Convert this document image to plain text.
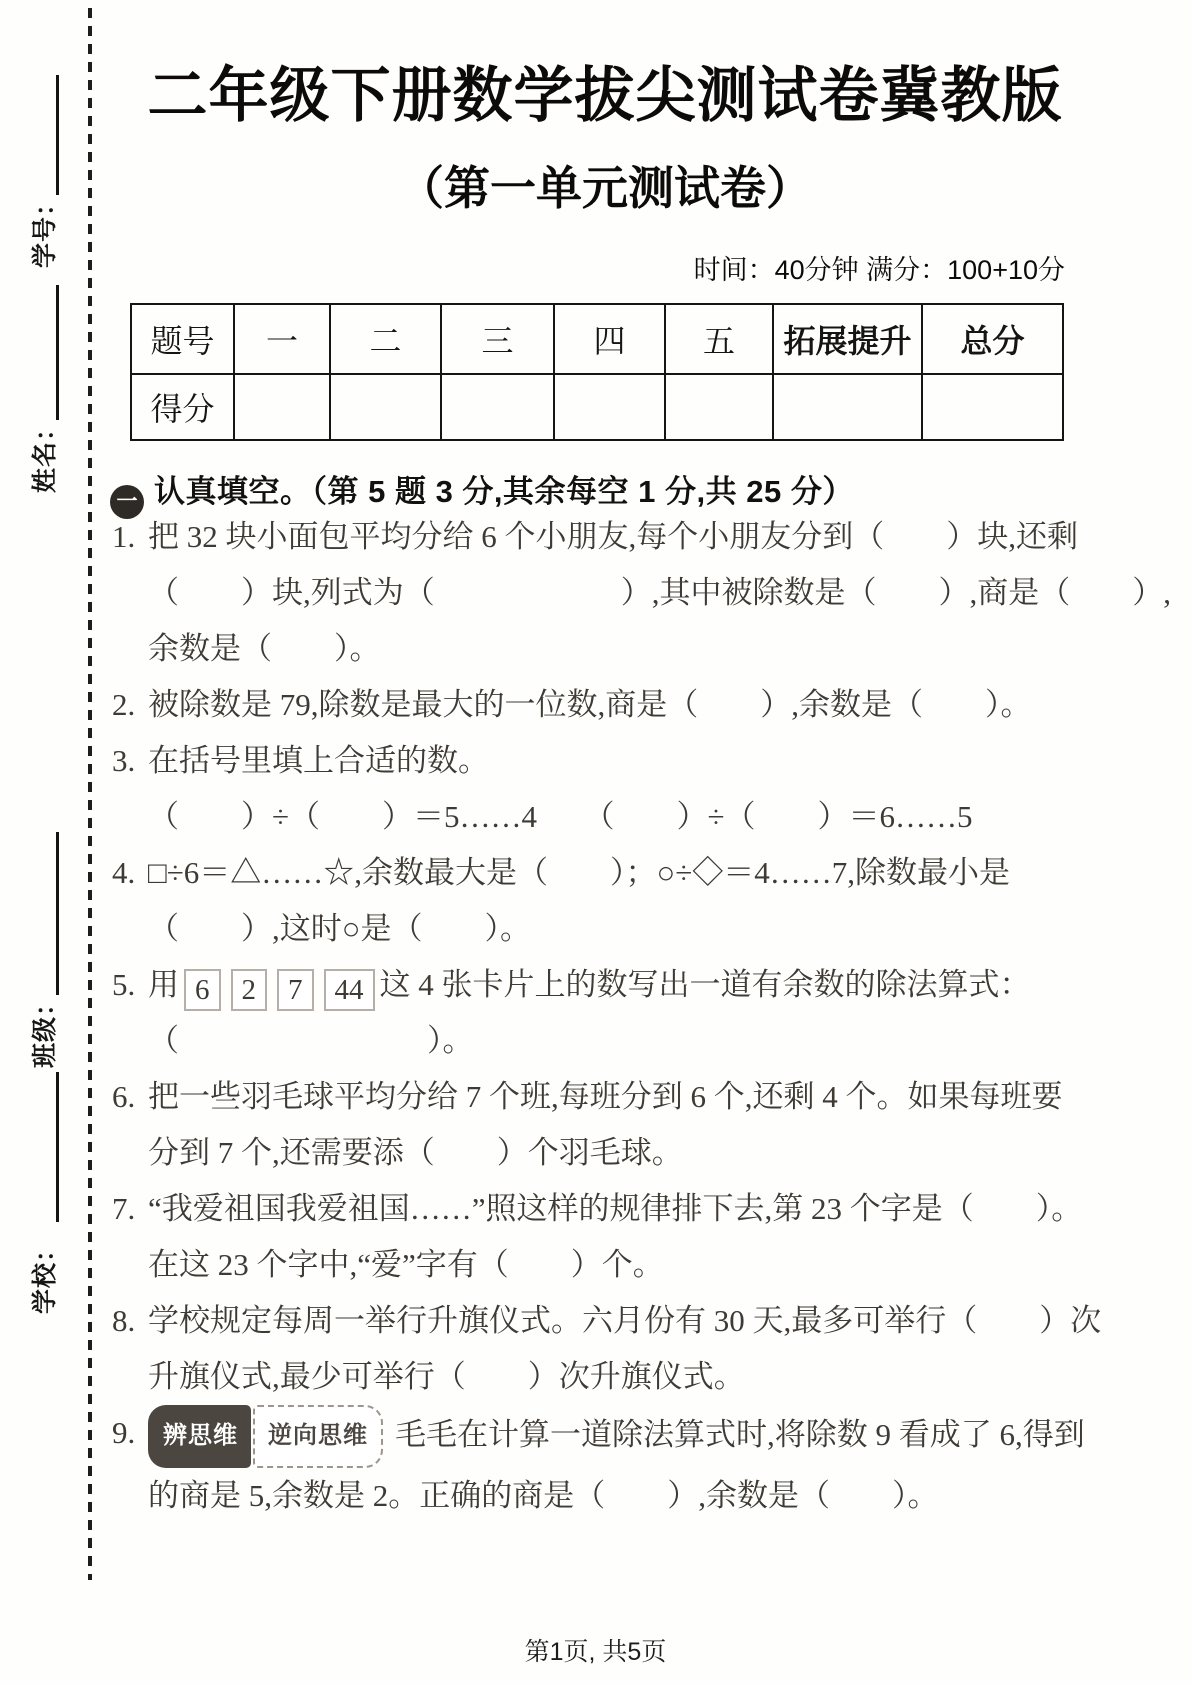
学号：
姓名：
班级：
学校：
二年级下册数学拔尖测试卷冀教版
（第一单元测试卷）
时间：40分钟 满分：100+10分
题号	一	二	三	四	五	拓展提升	总分
得分							
一 认真填空。（第 5 题 3 分,其余每空 1 分,共 25 分）
1. 把 32 块小面包平均分给 6 个小朋友,每个小朋友分到（　　）块,还剩
（　　）块,列式为（　　　　　　）,其中被除数是（　　）,商是（　　）,
余数是（　　）。
2. 被除数是 79,除数是最大的一位数,商是（　　）,余数是（　　）。
3. 在括号里填上合适的数。
（　　）÷（　　）＝5……4　　（　　）÷（　　）＝6……5
4. □÷6＝△……☆,余数最大是（　　）；○÷◇＝4……7,除数最小是
（　　）,这时○是（　　）。
5. 用 6 2 7 44 这 4 张卡片上的数写出一道有余数的除法算式：
（　　　　　　　　）。
6. 把一些羽毛球平均分给 7 个班,每班分到 6 个,还剩 4 个。如果每班要
分到 7 个,还需要添（　　）个羽毛球。
7. “我爱祖国我爱祖国……”照这样的规律排下去,第 23 个字是（　　）。
在这 23 个字中,“爱”字有（　　）个。
8. 学校规定每周一举行升旗仪式。六月份有 30 天,最多可举行（　　）次
升旗仪式,最少可举行（　　）次升旗仪式。
9.	辨思维 逆向思维 毛毛在计算一道除法算式时,将除数 9 看成了 6,得到
的商是 5,余数是 2。正确的商是（　　）,余数是（　　）。
第1页, 共5页
